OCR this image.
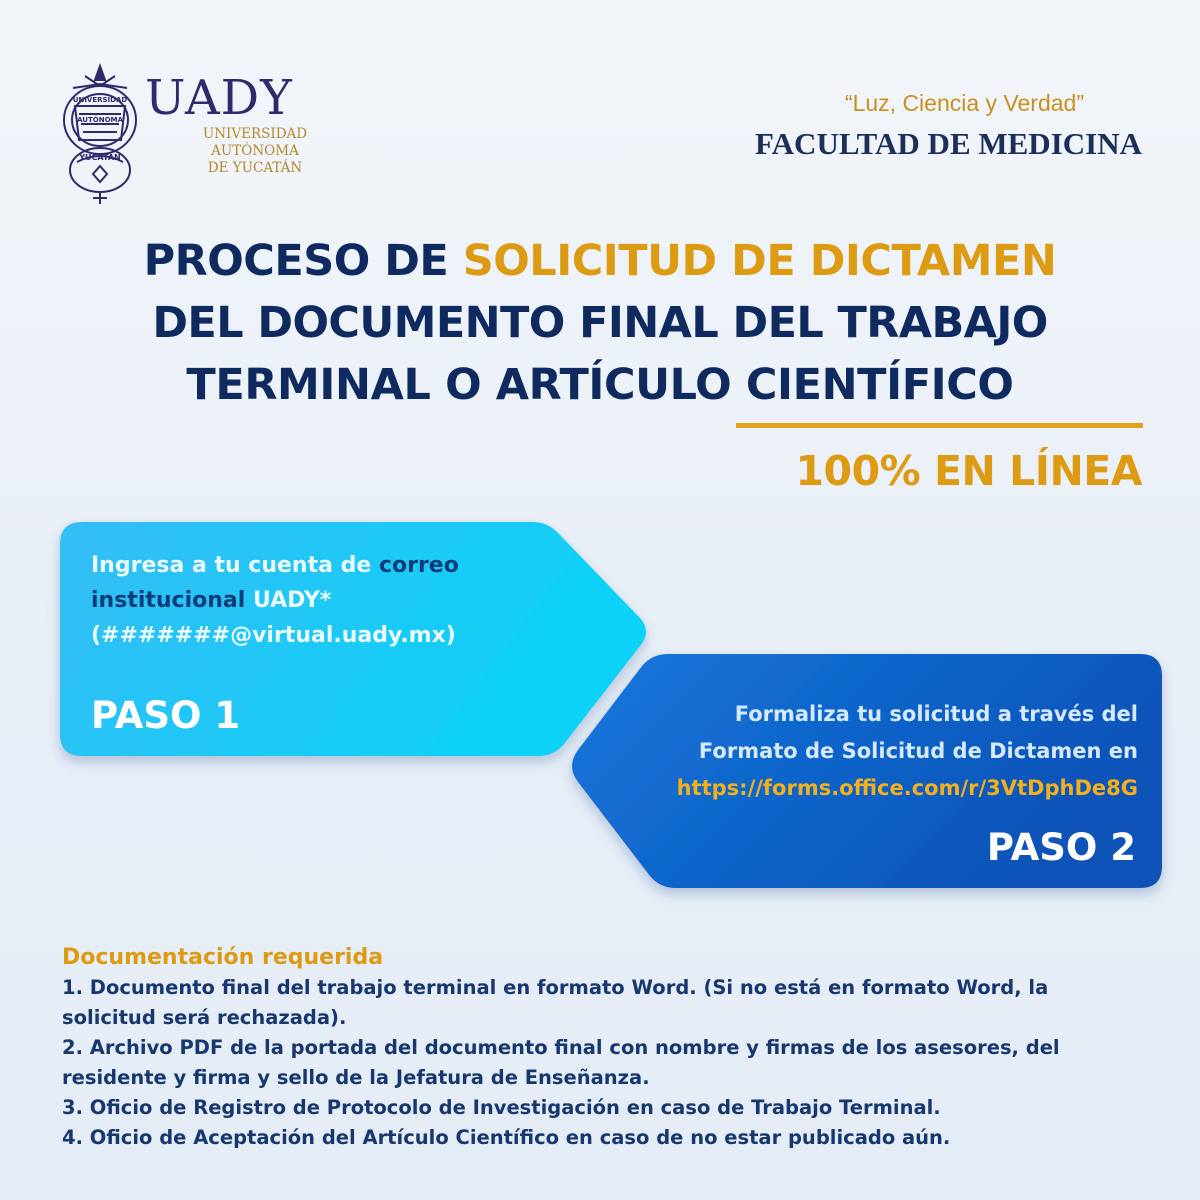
UNIVERSIDAD
AUTÓNOMA
YUCATÁN
UADY
UNIVERSIDAD
AUTÓNOMA
DE YUCATÁN
“Luz, Ciencia y Verdad”
FACULTAD DE MEDICINA
PROCESO DE SOLICITUD DE DICTAMEN
DEL DOCUMENTO FINAL DEL TRABAJO
TERMINAL O ARTÍCULO CIENTÍFICO
100% EN LÍNEA
Ingresa a tu cuenta de correo
institucional UADY*
(#######@virtual.uady.mx)
PASO 1	Formaliza tu solicitud a través del
Formato de Solicitud de Dictamen en
https://forms.office.com/r/3VtDphDe8G
PASO 2
Documentación requerida
1. Documento final del trabajo terminal en formato Word. (Si no está en formato Word, la
solicitud será rechazada).
2. Archivo PDF de la portada del documento final con nombre y firmas de los asesores, del
residente y firma y sello de la Jefatura de Enseñanza.
3. Oficio de Registro de Protocolo de Investigación en caso de Trabajo Terminal.
4. Oficio de Aceptación del Artículo Científico en caso de no estar publicado aún.
